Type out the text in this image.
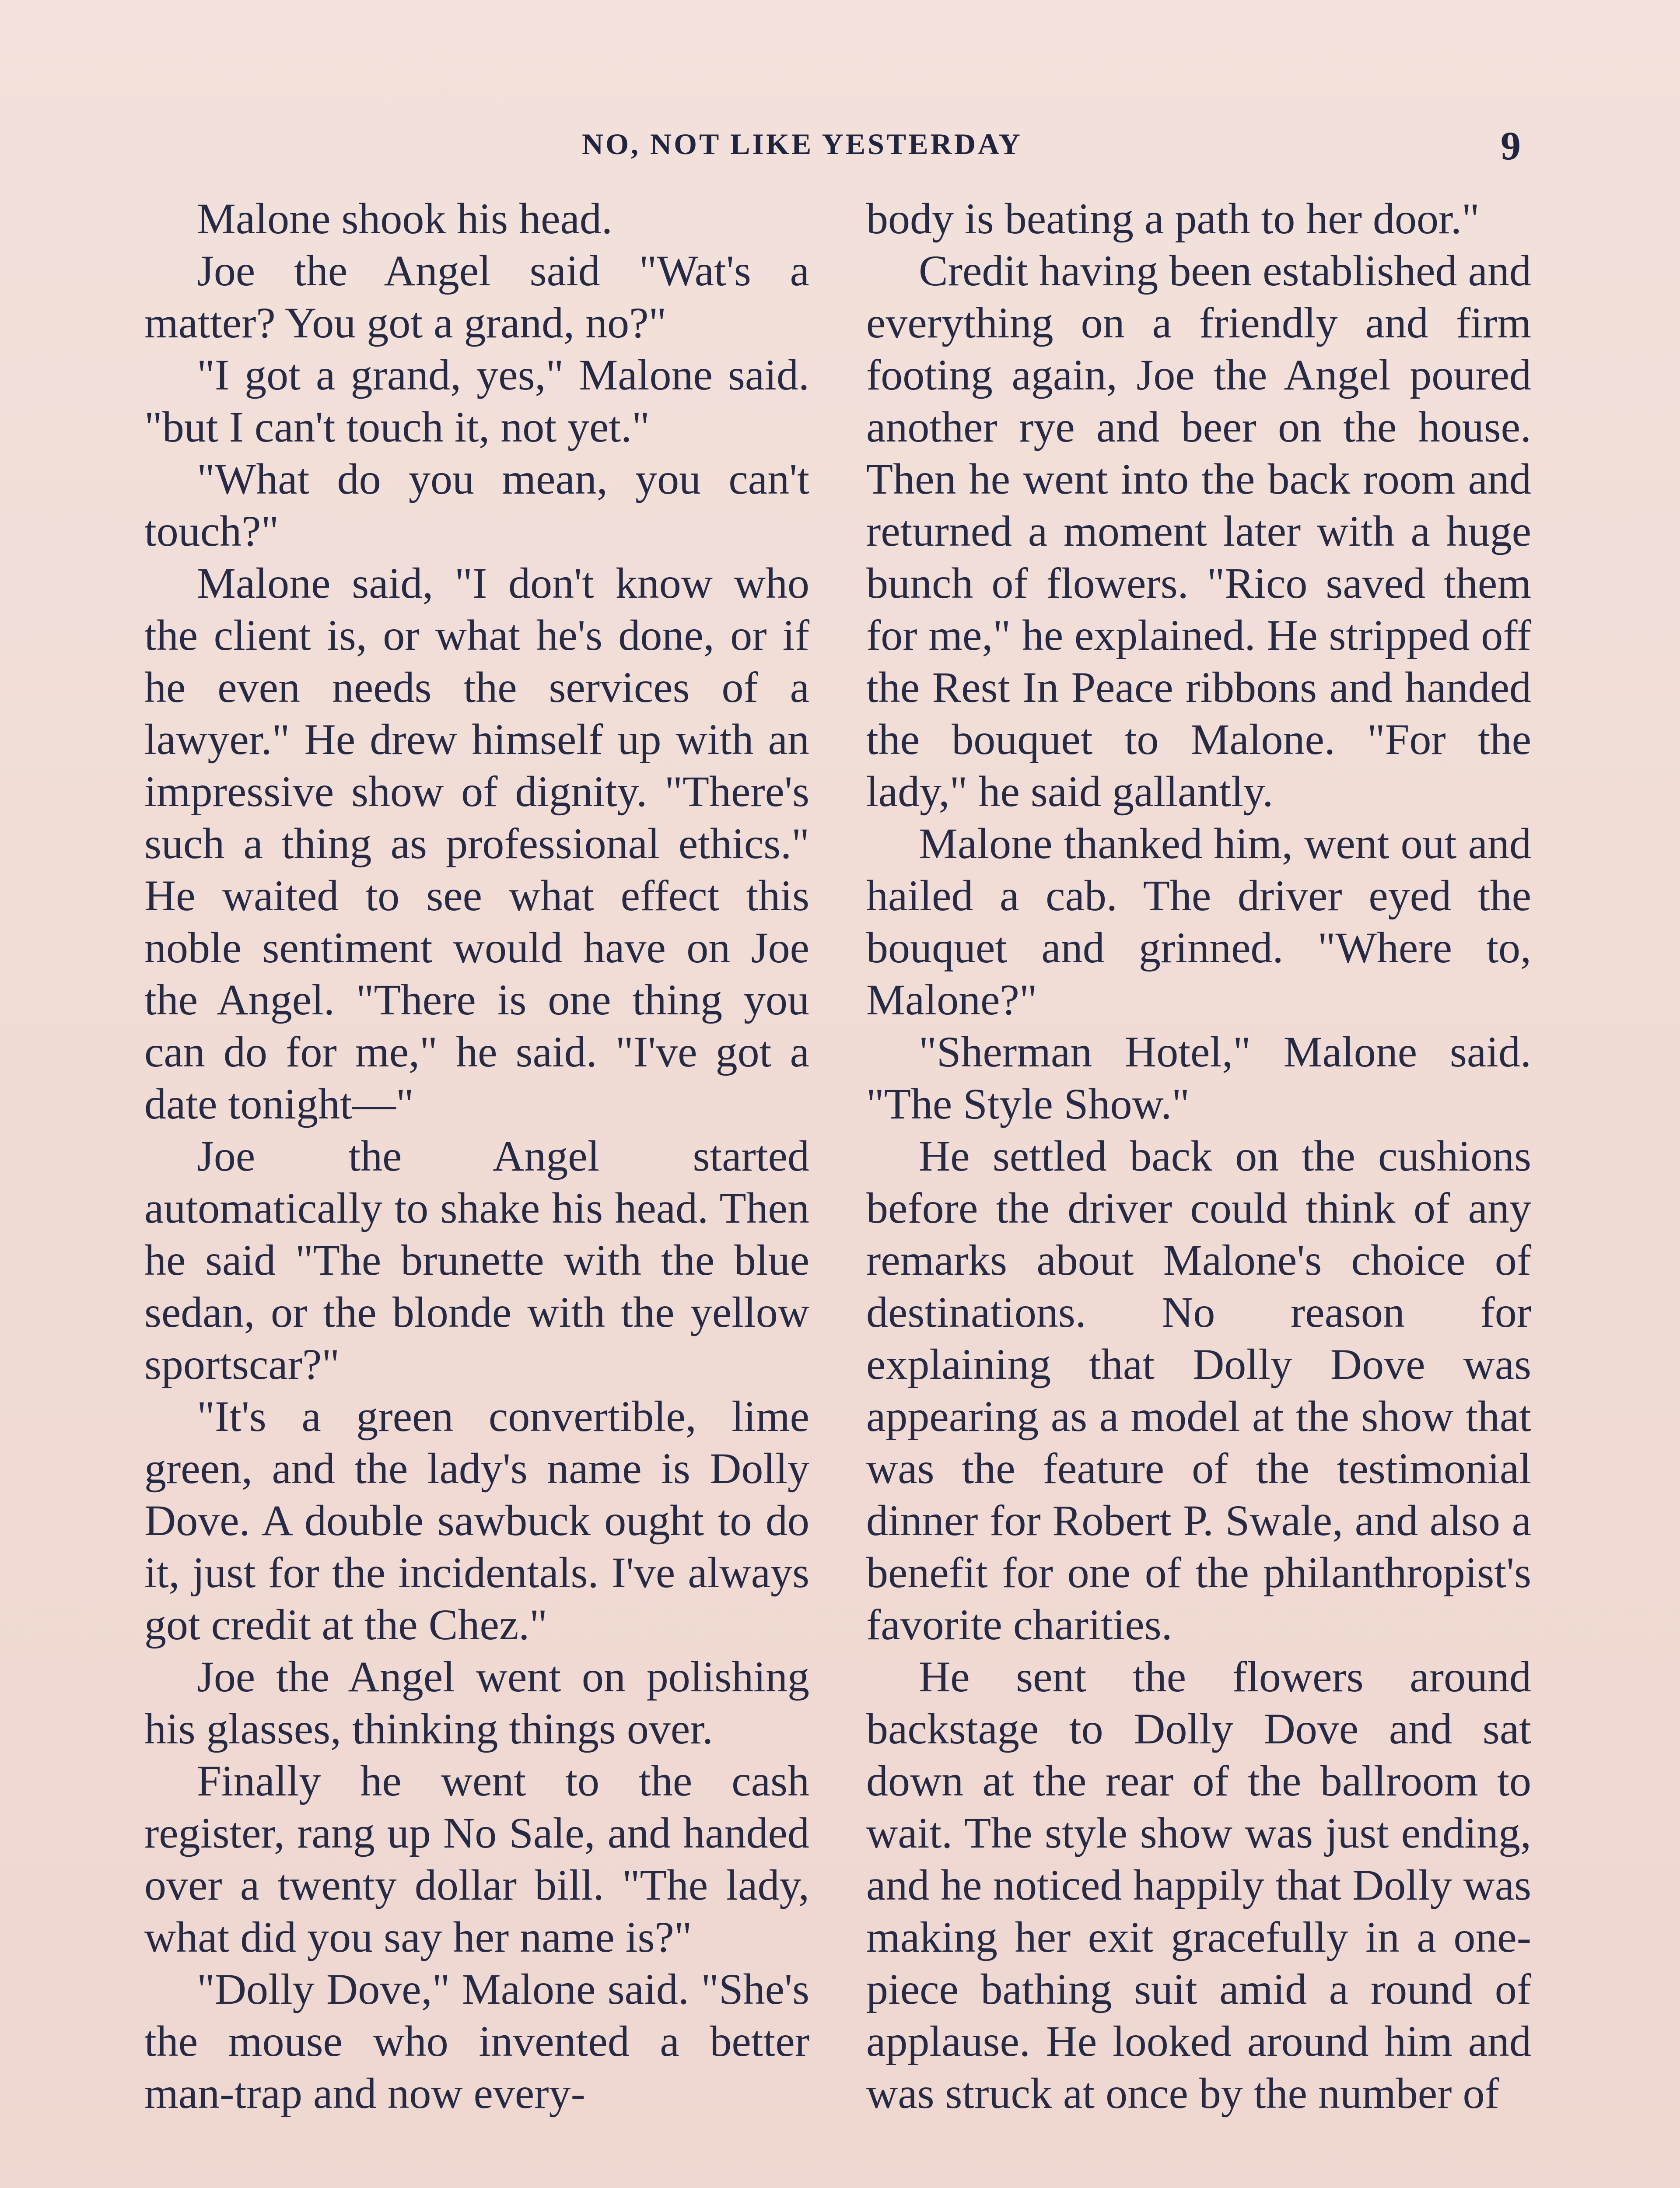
NO, NOT LIKE YESTERDAY	9

Malone shook his head.

Joe the Angel said "Wat's a matter? You got a grand, no?"

"I got a grand, yes," Malone said. "but I can't touch it, not yet."

"What do you mean, you can't touch?"

Malone said, "I don't know who the client is, or what he's done, or if he even needs the services of a lawyer." He drew himself up with an impressive show of dignity. "There's such a thing as professional ethics." He waited to see what effect this noble sentiment would have on Joe the Angel. "There is one thing you can do for me," he said. "I've got a date tonight—"

Joe the Angel started automatically to shake his head. Then he said "The brunette with the blue sedan, or the blonde with the yellow sportscar?"

"It's a green convertible, lime green, and the lady's name is Dolly Dove. A double sawbuck ought to do it, just for the incidentals. I've always got credit at the Chez."

Joe the Angel went on polishing his glasses, thinking things over.

Finally he went to the cash register, rang up No Sale, and handed over a twenty dollar bill. "The lady, what did you say her name is?"

"Dolly Dove," Malone said. "She's the mouse who invented a better man-trap and now every-

body is beating a path to her door."

Credit having been established and everything on a friendly and firm footing again, Joe the Angel poured another rye and beer on the house. Then he went into the back room and returned a moment later with a huge bunch of flowers. "Rico saved them for me," he explained. He stripped off the Rest In Peace ribbons and handed the bouquet to Malone. "For the lady," he said gallantly.

Malone thanked him, went out and hailed a cab. The driver eyed the bouquet and grinned. "Where to, Malone?"

"Sherman Hotel," Malone said. "The Style Show."

He settled back on the cushions before the driver could think of any remarks about Malone's choice of destinations. No reason for explaining that Dolly Dove was appearing as a model at the show that was the feature of the testimonial dinner for Robert P. Swale, and also a benefit for one of the philanthropist's favorite charities.

He sent the flowers around backstage to Dolly Dove and sat down at the rear of the ballroom to wait. The style show was just ending, and he noticed happily that Dolly was making her exit gracefully in a one-piece bathing suit amid a round of applause. He looked around him and was struck at once by the number of
